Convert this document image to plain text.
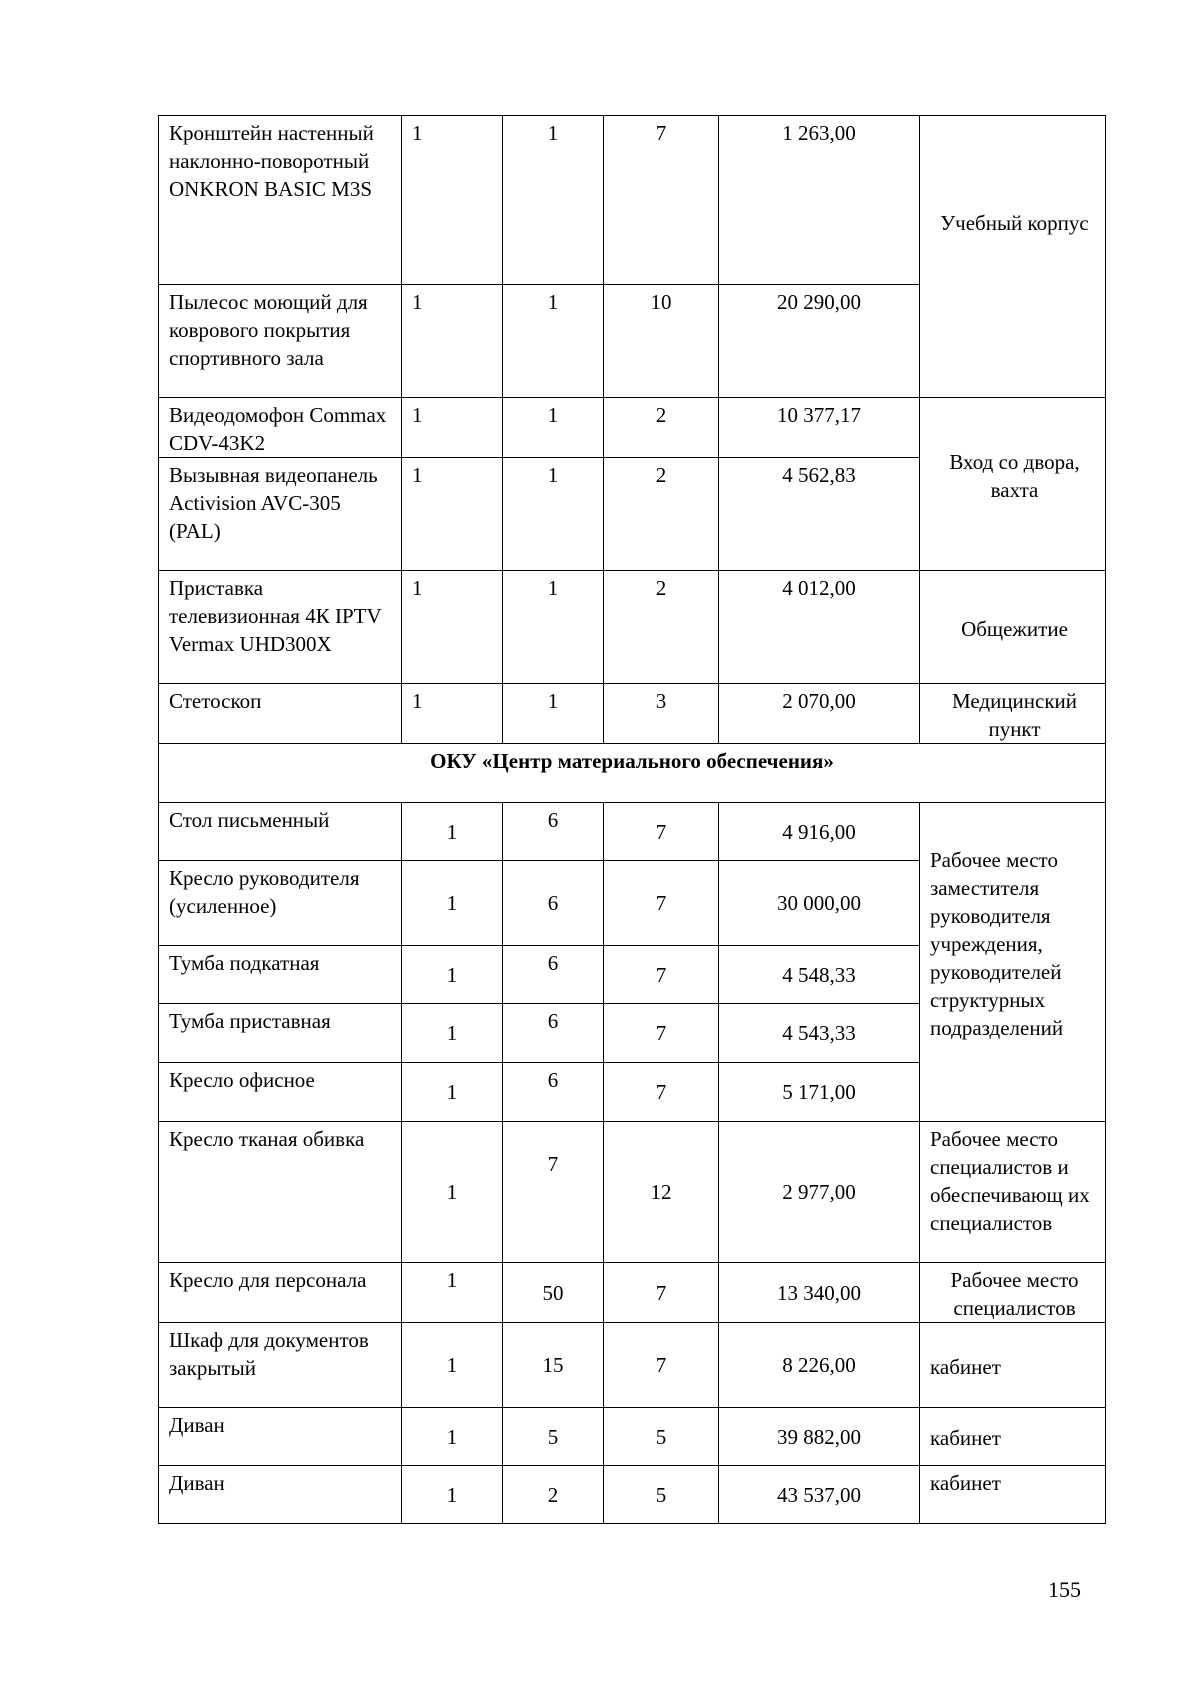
Кронштейн настенный наклонно-поворотный ONKRON BASIC M3S	1	1	7	1 263,00	Учебный корпус
Пылесос моющий для коврового покрытия спортивного зала	1	1	10	20 290,00	
Видеодомофон Commax CDV-43K2	1	1	2	10 377,17	Вход со двора, вахта
Вызывная видеопанель Activision AVC-305 (PAL)	1	1	2	4 562,83	
Приставка телевизионная 4К IPTV Vermax UHD300X	1	1	2	4 012,00	Общежитие
Стетоскоп	1	1	3	2 070,00	Медицинский пункт
ОКУ «Центр материального обеспечения»					
Стол письменный	1	6	7	4 916,00	Рабочее место заместителя руководителя учреждения, руководителей структурных подразделений
Кресло руководителя (усиленное)	1	6	7	30 000,00	
Тумба подкатная	1	6	7	4 548,33	
Тумба приставная	1	6	7	4 543,33	
Кресло офисное	1	6	7	5 171,00	
Кресло тканая обивка	1	7	12	2 977,00	Рабочее место специалистов и обеспечивающ их специалистов
Кресло для персонала	1	50	7	13 340,00	Рабочее место специалистов
Шкаф для документов закрытый	1	15	7	8 226,00	кабинет
Диван	1	5	5	39 882,00	кабинет
Диван	1	2	5	43 537,00	кабинет
155
